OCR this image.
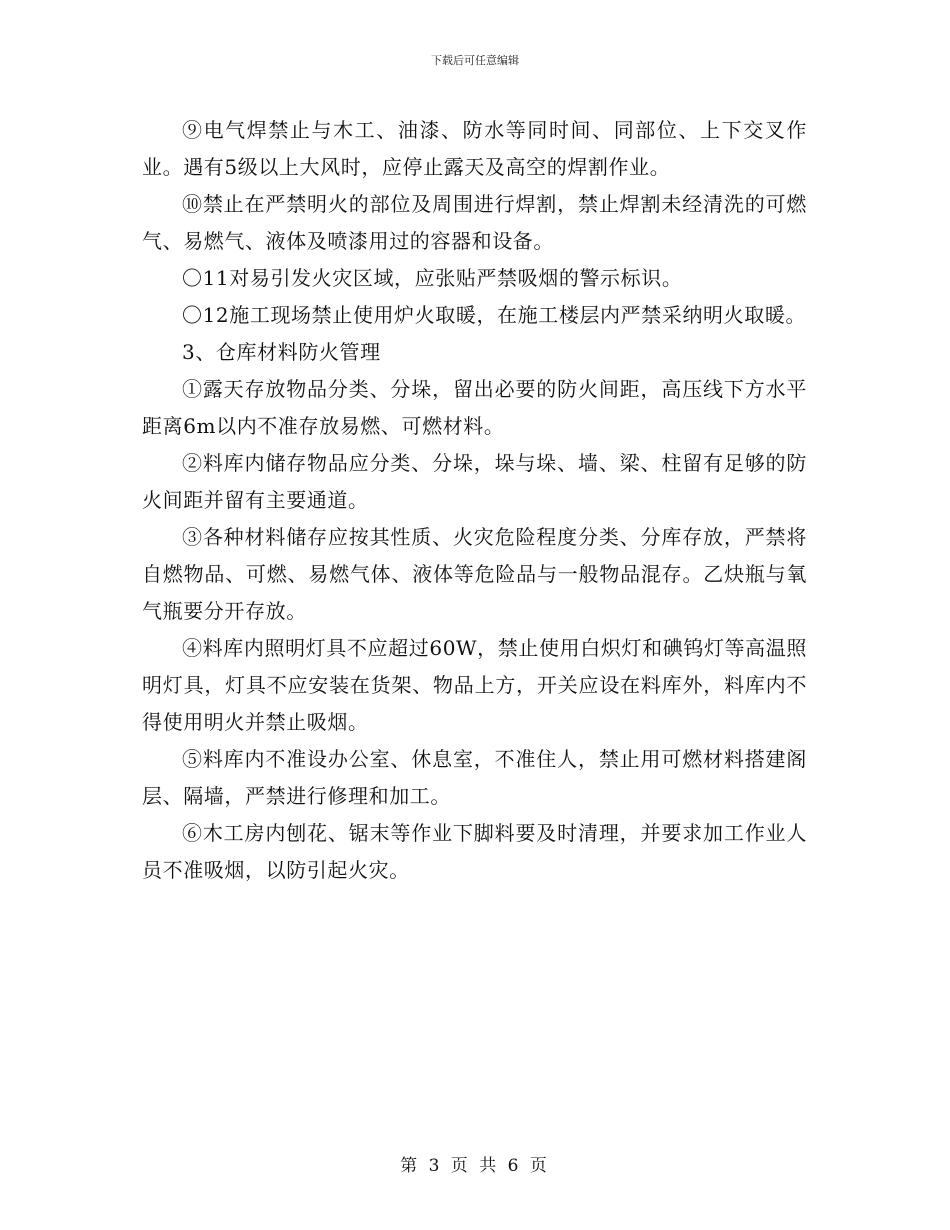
下载后可任意编辑

⑨电气焊禁止与木工、油漆、防水等同时间、同部位、上下交叉作业。遇有5级以上大风时，应停止露天及高空的焊割作业。

⑩禁止在严禁明火的部位及周围进行焊割，禁止焊割未经清洗的可燃气、易燃气、液体及喷漆用过的容器和设备。

〇11对易引发火灾区域，应张贴严禁吸烟的警示标识。

〇12施工现场禁止使用炉火取暖，在施工楼层内严禁采纳明火取暖。

3、仓库材料防火管理

①露天存放物品分类、分垛，留出必要的防火间距，高压线下方水平距离6m以内不准存放易燃、可燃材料。

②料库内储存物品应分类、分垛，垛与垛、墙、梁、柱留有足够的防火间距并留有主要通道。

③各种材料储存应按其性质、火灾危险程度分类、分库存放，严禁将自燃物品、可燃、易燃气体、液体等危险品与一般物品混存。乙炔瓶与氧气瓶要分开存放。

④料库内照明灯具不应超过60W，禁止使用白炽灯和碘钨灯等高温照明灯具，灯具不应安装在货架、物品上方，开关应设在料库外，料库内不得使用明火并禁止吸烟。

⑤料库内不准设办公室、休息室，不准住人，禁止用可燃材料搭建阁层、隔墙，严禁进行修理和加工。

⑥木工房内刨花、锯末等作业下脚料要及时清理，并要求加工作业人员不准吸烟，以防引起火灾。

第 3 页 共 6 页
